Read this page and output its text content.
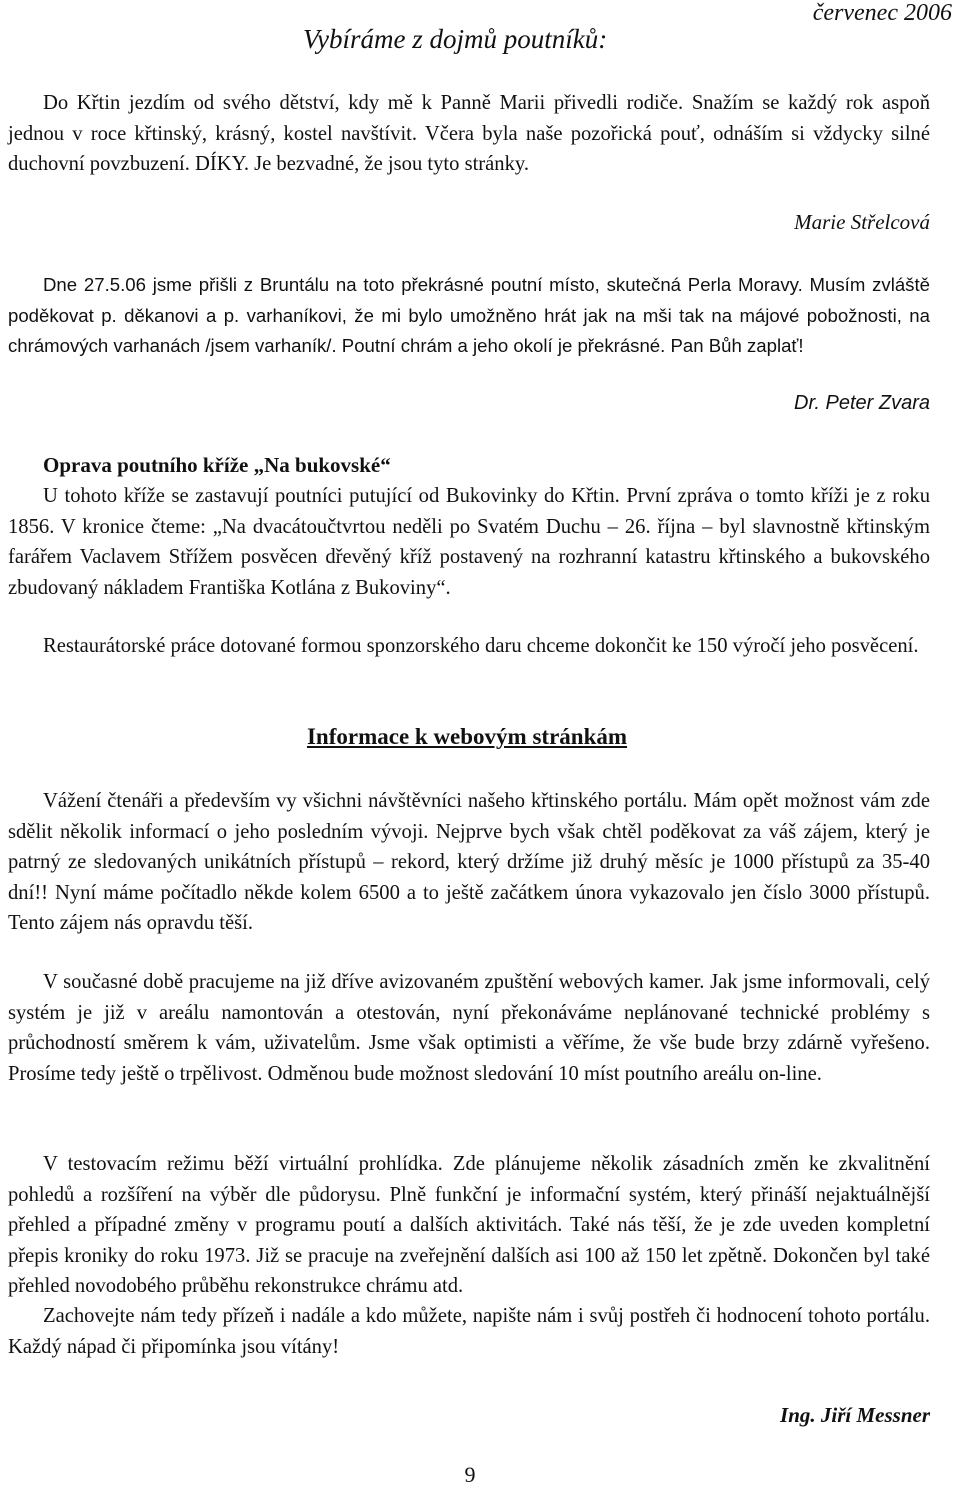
červenec 2006
Vybíráme z dojmů poutníků:
Do Křtin jezdím od svého dětství, kdy mě k Panně Marii přivedli rodiče. Snažím se každý rok aspoň jednou v roce křtinský, krásný, kostel navštívit. Včera byla naše pozořická pouť, odnáším si vždycky silné duchovní povzbuzení. DÍKY. Je bezvadné, že jsou tyto stránky.
Marie Střelcová
Dne 27.5.06 jsme přišli z Bruntálu na toto překrásné poutní místo, skutečná Perla Moravy. Musím zvláště poděkovat p. děkanovi a p. varhaníkovi, že mi bylo umožněno hrát jak na mši tak na májové pobožnosti, na chrámových varhanách /jsem varhaník/. Poutní chrám a jeho okolí je překrásné. Pan Bůh zaplať!
Dr. Peter Zvara
Oprava poutního kříže „Na bukovské“
U tohoto kříže se zastavují poutníci putující od Bukovinky do Křtin. První zpráva o tomto kříži je z roku 1856. V kronice čteme: „Na dvacátoučtvrtou neděli po Svatém Duchu – 26. října – byl slavnostně křtinským farářem Vaclavem Střížem posvěcen dřevěný kříž postavený na rozhranní katastru křtinského a bukovského zbudovaný nákladem Františka Kotlána z Bukoviny“.
Restaurátorské práce dotované formou sponzorského daru chceme dokončit ke 150 výročí jeho posvěcení.
Informace k webovým stránkám
Vážení čtenáři a především vy všichni návštěvníci našeho křtinského portálu. Mám opět možnost vám zde sdělit několik informací o jeho posledním vývoji. Nejprve bych však chtěl poděkovat za váš zájem, který je patrný ze sledovaných unikátních přístupů – rekord, který držíme již druhý měsíc je 1000 přístupů za 35-40 dní!! Nyní máme počítadlo někde kolem 6500 a to ještě začátkem února vykazovalo jen číslo 3000 přístupů. Tento zájem nás opravdu těší.
V současné době pracujeme na již dříve avizovaném zpuštění webových kamer. Jak jsme informovali, celý systém je již v areálu namontován a otestován, nyní překonáváme neplánované technické problémy s průchodností směrem k vám, uživatelům. Jsme však optimisti a věříme, že vše bude brzy zdárně vyřešeno. Prosíme tedy ještě o trpělivost. Odměnou bude možnost sledování 10 míst poutního areálu on-line.
V testovacím režimu běží virtuální prohlídka. Zde plánujeme několik zásadních změn ke zkvalitnění pohledů a rozšíření na výběr dle půdorysu. Plně funkční je informační systém, který přináší nejaktuálnější přehled a případné změny v programu poutí a dalších aktivitách. Také nás těší, že je zde uveden kompletní přepis kroniky do roku 1973. Již se pracuje na zveřejnění dalších asi 100 až 150 let zpětně. Dokončen byl také přehled novodobého průběhu rekonstrukce chrámu atd.
Zachovejte nám tedy přízeň i nadále a kdo můžete, napište nám i svůj postřeh či hodnocení tohoto portálu. Každý nápad či připomínka jsou vítány!
Ing. Jiří Messner
9
